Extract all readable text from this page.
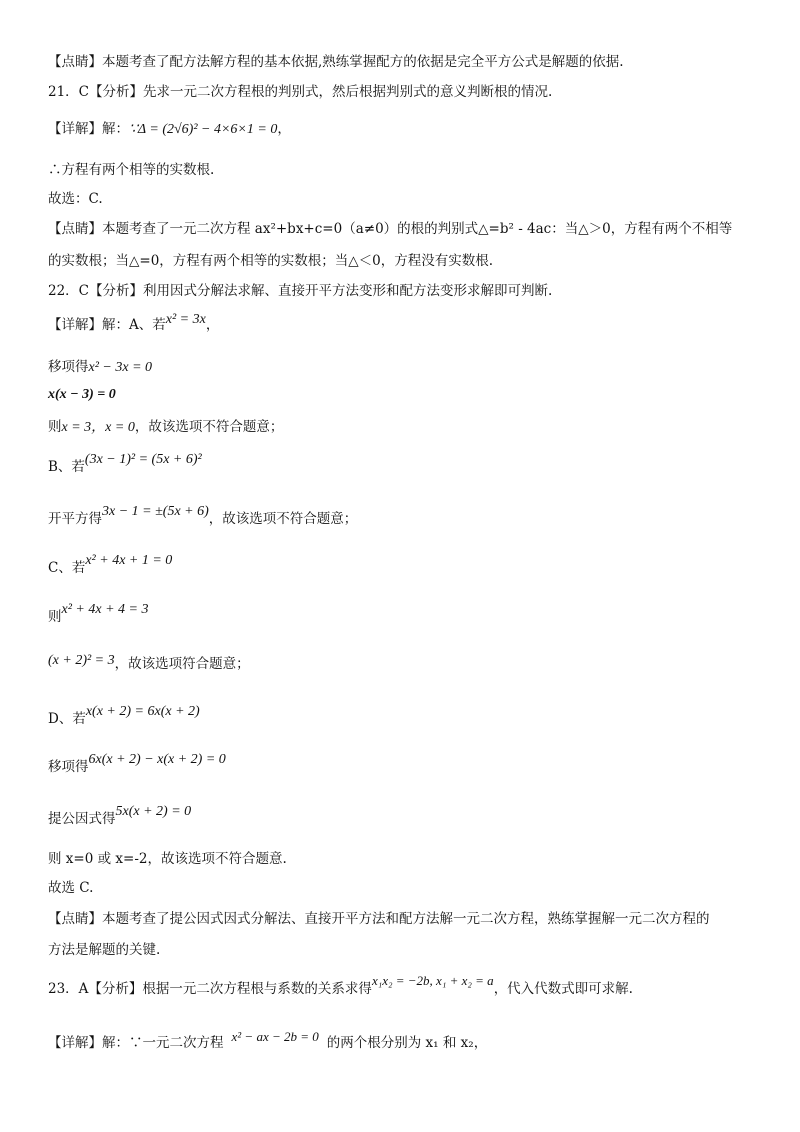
【点睛】本题考查了配方法解方程的基本依据,熟练掌握配方的依据是完全平方公式是解题的依据.
21．C【分析】先求一元二次方程根的判别式，然后根据判别式的意义判断根的情况.
【详解】解：∵Δ = (2√6)² − 4×6×1 = 0，
∴方程有两个相等的实数根.
故选：C.
【点睛】本题考查了一元二次方程 ax²+bx+c=0（a≠0）的根的判别式△=b² - 4ac：当△＞0，方程有两个不相等
的实数根；当△=0，方程有两个相等的实数根；当△＜0，方程没有实数根.
22．C【分析】利用因式分解法求解、直接开平方法变形和配方法变形求解即可判断.
【详解】解：A、若x² = 3x，
移项得x² − 3x = 0
x(x − 3) = 0
则x = 3，x = 0，故该选项不符合题意；
B、若(3x − 1)² = (5x + 6)²
开平方得3x − 1 = ±(5x + 6)，故该选项不符合题意；
C、若x² + 4x + 1 = 0
则x² + 4x + 4 = 3
(x + 2)² = 3，故该选项符合题意；
D、若x(x + 2) = 6x(x + 2)
移项得6x(x + 2) − x(x + 2) = 0
提公因式得5x(x + 2) = 0
则 x=0 或 x=-2，故该选项不符合题意.
故选 C.
【点睛】本题考查了提公因式因式分解法、直接开平方法和配方法解一元二次方程，熟练掌握解一元二次方程的
方法是解题的关键.
23．A【分析】根据一元二次方程根与系数的关系求得x₁x₂ = −2b, x₁ + x₂ = a，代入代数式即可求解.
【详解】解：∵一元二次方程 x² − ax − 2b = 0 的两个根分别为 x₁ 和 x₂，
